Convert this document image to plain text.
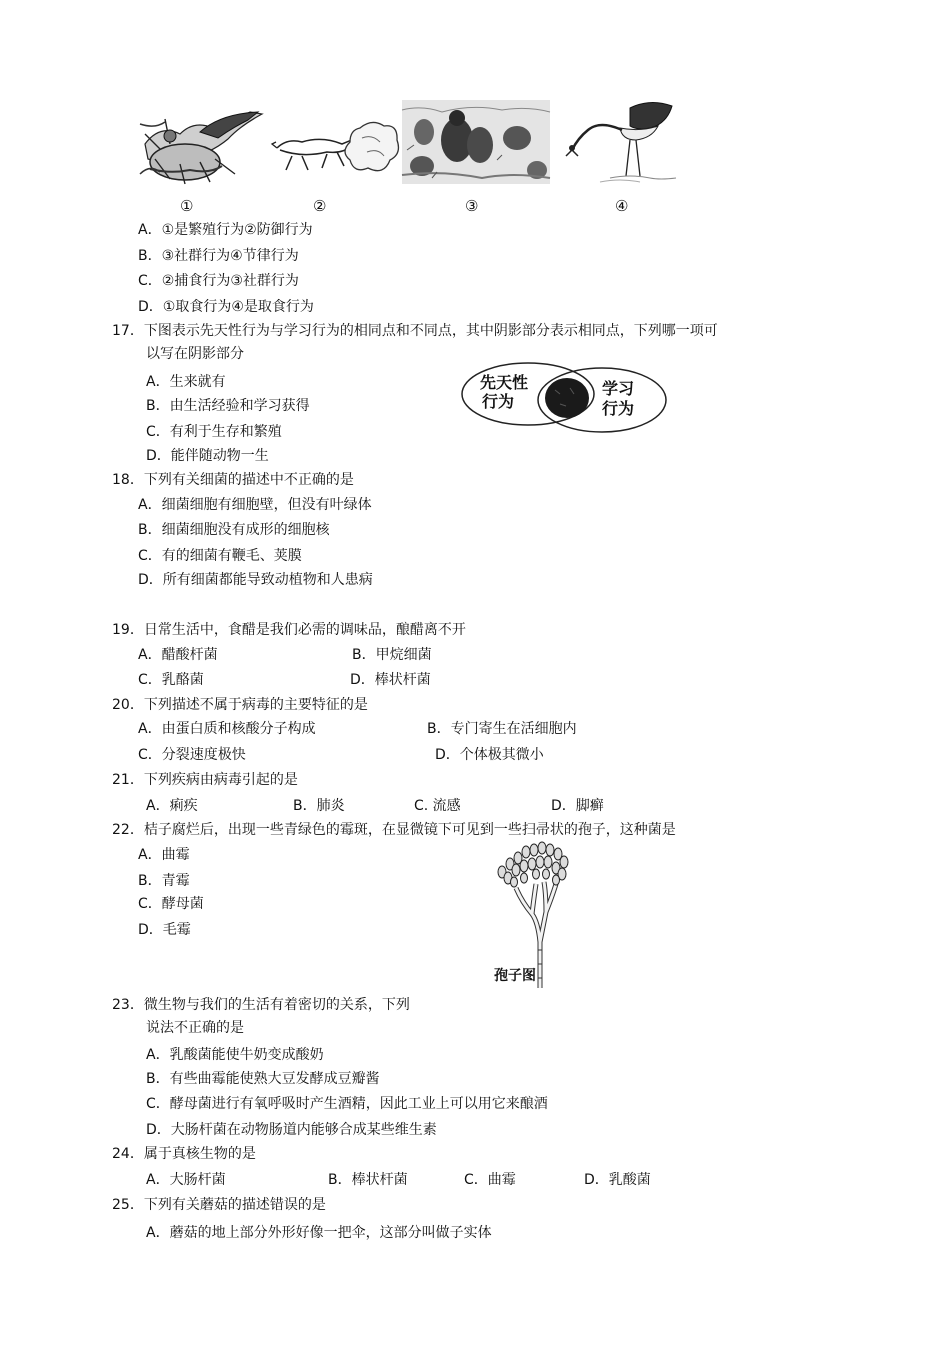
①	②	③	④
A．①是繁殖行为②防御行为
B．③社群行为④节律行为
C．②捕食行为③社群行为
D．①取食行为④是取食行为
17．下图表示先天性行为与学习行为的相同点和不同点，其中阴影部分表示相同点，下列哪一项可
以写在阴影部分
A．生来就有
B．由生活经验和学习获得
C．有利于生存和繁殖
D．能伴随动物一生
先天性
行为
学习
行为
18．下列有关细菌的描述中不正确的是
A．细菌细胞有细胞壁，但没有叶绿体
B．细菌细胞没有成形的细胞核
C．有的细菌有鞭毛、荚膜
D．所有细菌都能导致动植物和人患病
19．日常生活中，食醋是我们必需的调味品，酿醋离不开
A．醋酸杆菌	B．甲烷细菌
C．乳酪菌	D．棒状杆菌
20．下列描述不属于病毒的主要特征的是
A．由蛋白质和核酸分子构成	B．专门寄生在活细胞内
C．分裂速度极快	D．个体极其微小
21．下列疾病由病毒引起的是
A．痢疾	B．肺炎	C. 流感	D．脚癣
22．桔子腐烂后，出现一些青绿色的霉斑，在显微镜下可见到一些扫帚状的孢子，这种菌是
A．曲霉
B．青霉
C．酵母菌
D．毛霉
孢子图
23．微生物与我们的生活有着密切的关系，下列
说法不正确的是
A．乳酸菌能使牛奶变成酸奶
B．有些曲霉能使熟大豆发酵成豆瓣酱
C．酵母菌进行有氧呼吸时产生酒精，因此工业上可以用它来酿酒
D．大肠杆菌在动物肠道内能够合成某些维生素
24．属于真核生物的是
A．大肠杆菌	B．棒状杆菌	C．曲霉	D．乳酸菌
25．下列有关蘑菇的描述错误的是
A．蘑菇的地上部分外形好像一把伞，这部分叫做子实体
